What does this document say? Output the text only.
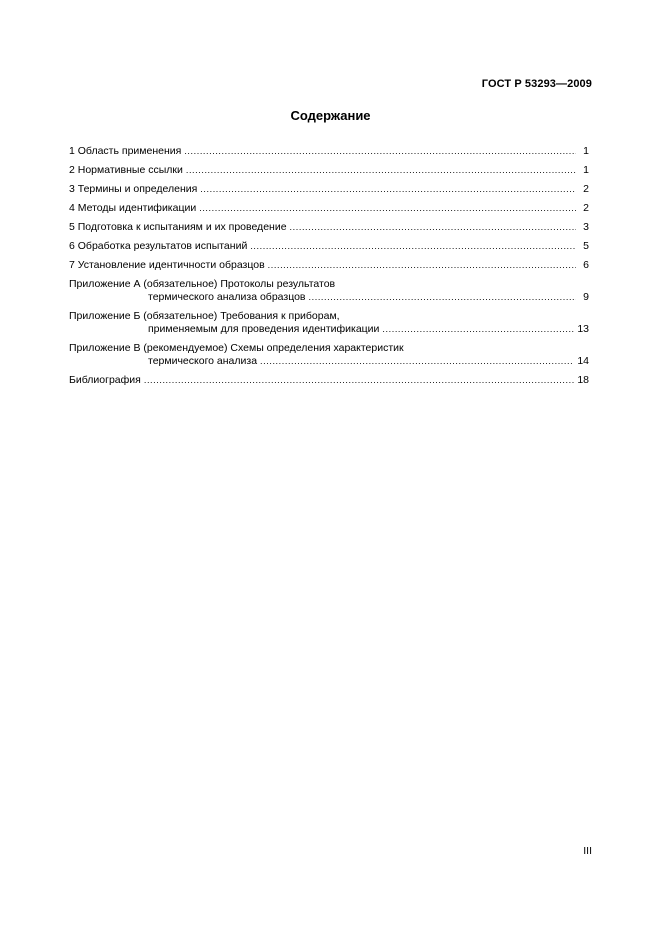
ГОСТ Р 53293—2009
Содержание
1 Область применения .....	1
2 Нормативные ссылки .....	1
3 Термины и определения .....	2
4 Методы идентификации .....	2
5 Подготовка к испытаниям и их проведение .....	3
6 Обработка результатов испытаний .....	5
7 Установление идентичности образцов .....	6
Приложение А (обязательное) Протоколы результатов
термического анализа образцов .....	9
Приложение Б (обязательное) Требования к приборам,
применяемым для проведения идентификации .....	13
Приложение В (рекомендуемое) Схемы определения характеристик
термического анализа .....	14
Библиография .....	18
III
